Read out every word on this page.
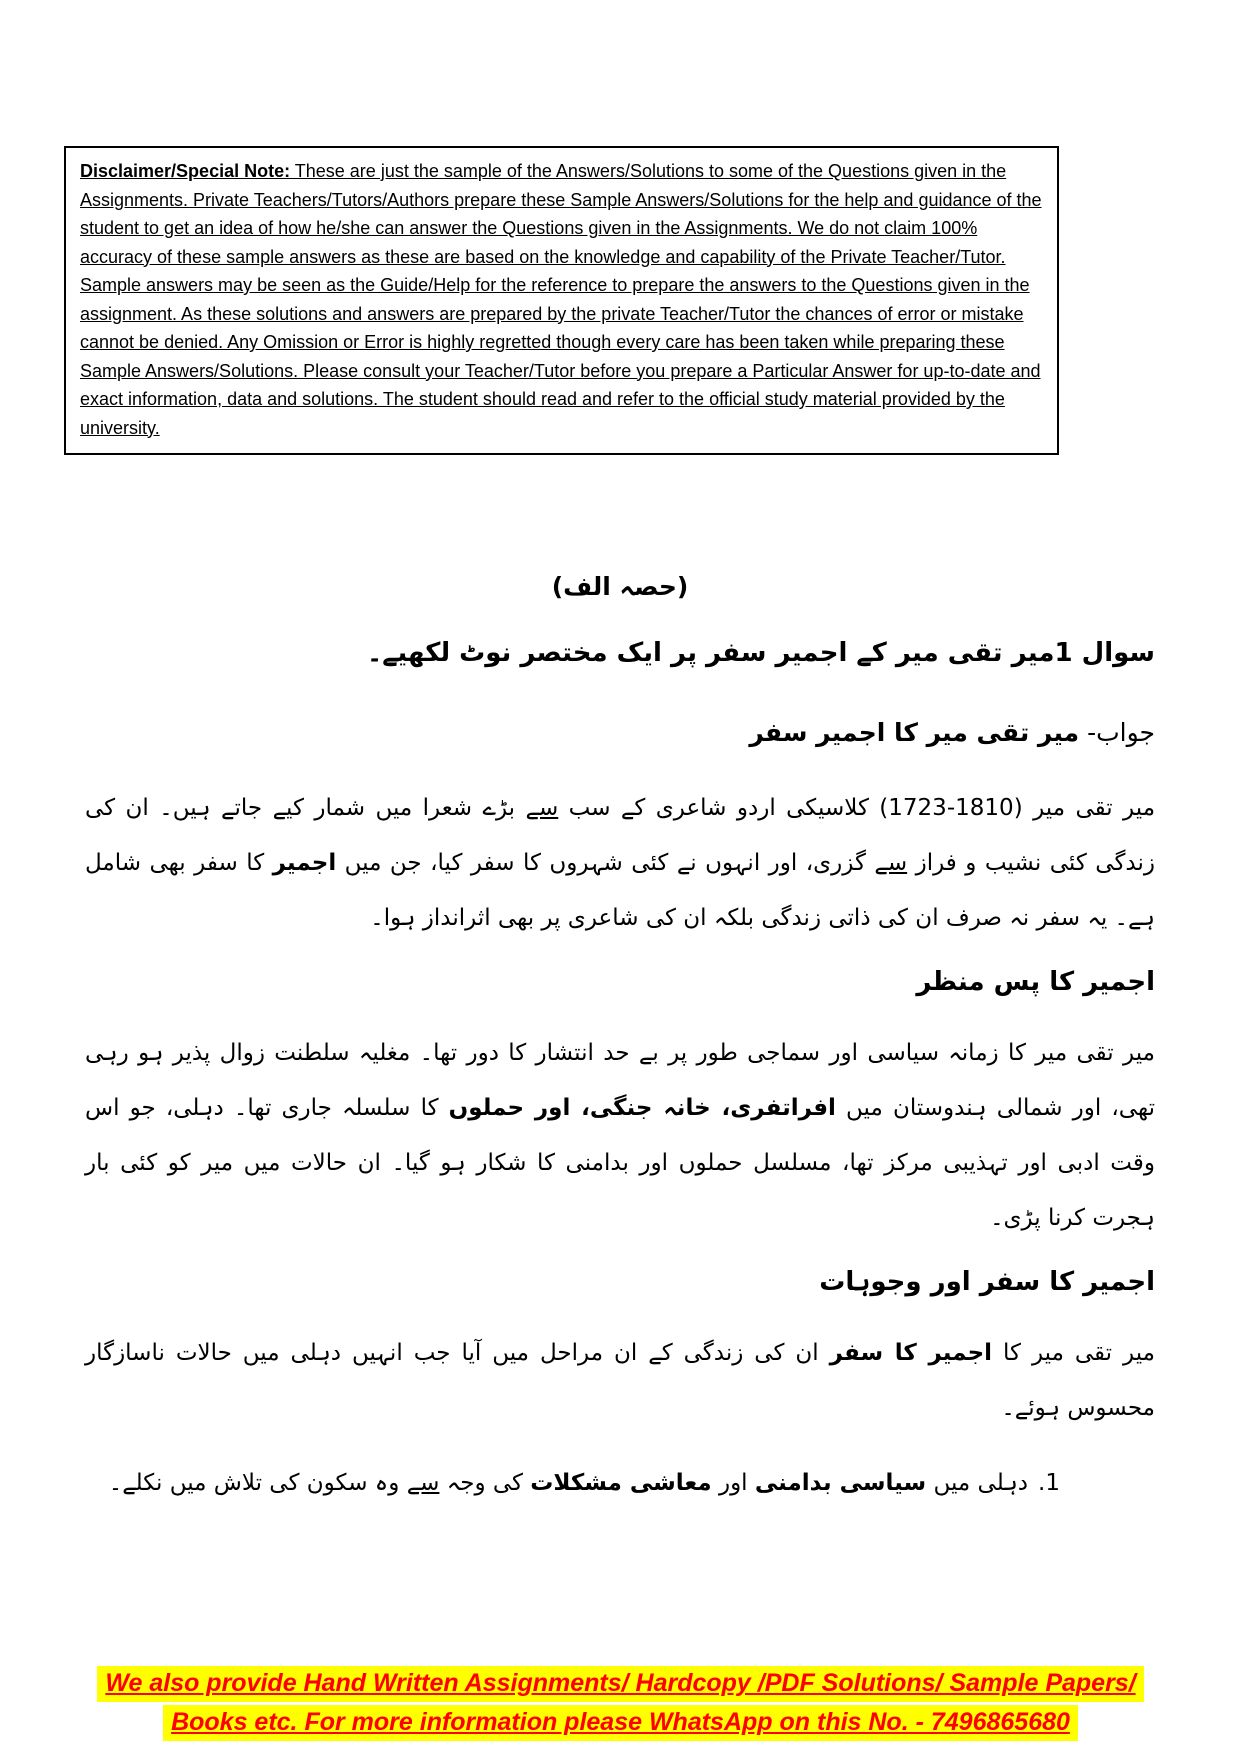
Disclaimer/Special Note: These are just the sample of the Answers/Solutions to some of the Questions given in the Assignments. Private Teachers/Tutors/Authors prepare these Sample Answers/Solutions for the help and guidance of the student to get an idea of how he/she can answer the Questions given in the Assignments. We do not claim 100% accuracy of these sample answers as these are based on the knowledge and capability of the Private Teacher/Tutor. Sample answers may be seen as the Guide/Help for the reference to prepare the answers to the Questions given in the assignment. As these solutions and answers are prepared by the private Teacher/Tutor the chances of error or mistake cannot be denied. Any Omission or Error is highly regretted though every care has been taken while preparing these Sample Answers/Solutions. Please consult your Teacher/Tutor before you prepare a Particular Answer for up-to-date and exact information, data and solutions. The student should read and refer to the official study material provided by the university.

(حصہ الف)
سوال 1میر تقی میر کے اجمیر سفر پر ایک مختصر نوٹ لکھیے۔
جواب- میر تقی میر کا اجمیر سفر

میر تقی میر (1810-1723) کلاسیکی اردو شاعری کے سب سے بڑے شعرا میں شمار کیے جاتے ہیں۔ ان کی زندگی کئی نشیب و فراز سے گزری، اور انہوں نے کئی شہروں کا سفر کیا، جن میں اجمیر کا سفر بھی شامل ہے۔ یہ سفر نہ صرف ان کی ذاتی زندگی بلکہ ان کی شاعری پر بھی اثرانداز ہوا۔

اجمیر کا پس منظر

میر تقی میر کا زمانہ سیاسی اور سماجی طور پر بے حد انتشار کا دور تھا۔ مغلیہ سلطنت زوال پذیر ہو رہی تھی، اور شمالی ہندوستان میں افراتفری، خانہ جنگی، اور حملوں کا سلسلہ جاری تھا۔ دہلی، جو اس وقت ادبی اور تہذیبی مرکز تھا، مسلسل حملوں اور بدامنی کا شکار ہو گیا۔ ان حالات میں میر کو کئی بار ہجرت کرنا پڑی۔

اجمیر کا سفر اور وجوہات

میر تقی میر کا اجمیر کا سفر ان کی زندگی کے ان مراحل میں آیا جب انہیں دہلی میں حالات ناسازگار محسوس ہوئے۔

1.دہلی میں سیاسی بدامنی اور معاشی مشکلات کی وجہ سے وہ سکون کی تلاش میں نکلے۔
We also provide Hand Written Assignments/ Hardcopy /PDF Solutions/ Sample Papers/
Books etc. For more information please WhatsApp on this No. - 7496865680
